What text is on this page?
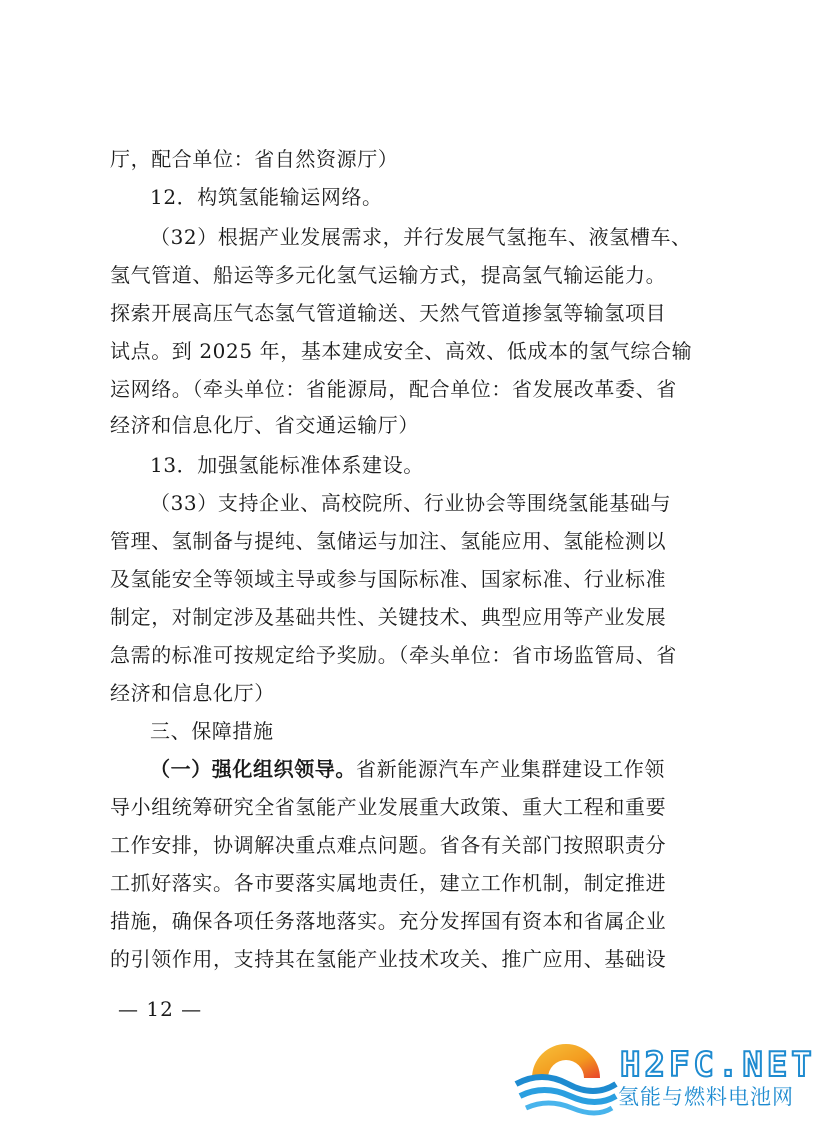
厅，配合单位：省自然资源厅）
12．构筑氢能输运网络。
（32）根据产业发展需求，并行发展气氢拖车、液氢槽车、
氢气管道、船运等多元化氢气运输方式，提高氢气输运能力。
探索开展高压气态氢气管道输送、天然气管道掺氢等输氢项目
试点。到 2025 年，基本建成安全、高效、低成本的氢气综合输
运网络。（牵头单位：省能源局，配合单位：省发展改革委、省
经济和信息化厅、省交通运输厅）
13．加强氢能标准体系建设。
（33）支持企业、高校院所、行业协会等围绕氢能基础与
管理、氢制备与提纯、氢储运与加注、氢能应用、氢能检测以
及氢能安全等领域主导或参与国际标准、国家标准、行业标准
制定，对制定涉及基础共性、关键技术、典型应用等产业发展
急需的标准可按规定给予奖励。（牵头单位：省市场监管局、省
经济和信息化厅）
三、保障措施
（一）强化组织领导。省新能源汽车产业集群建设工作领
导小组统筹研究全省氢能产业发展重大政策、重大工程和重要
工作安排，协调解决重点难点问题。省各有关部门按照职责分
工抓好落实。各市要落实属地责任，建立工作机制，制定推进
措施，确保各项任务落地落实。充分发挥国有资本和省属企业
的引领作用，支持其在氢能产业技术攻关、推广应用、基础设
— 12 —
H2FC.NET
氢能与燃料电池网
